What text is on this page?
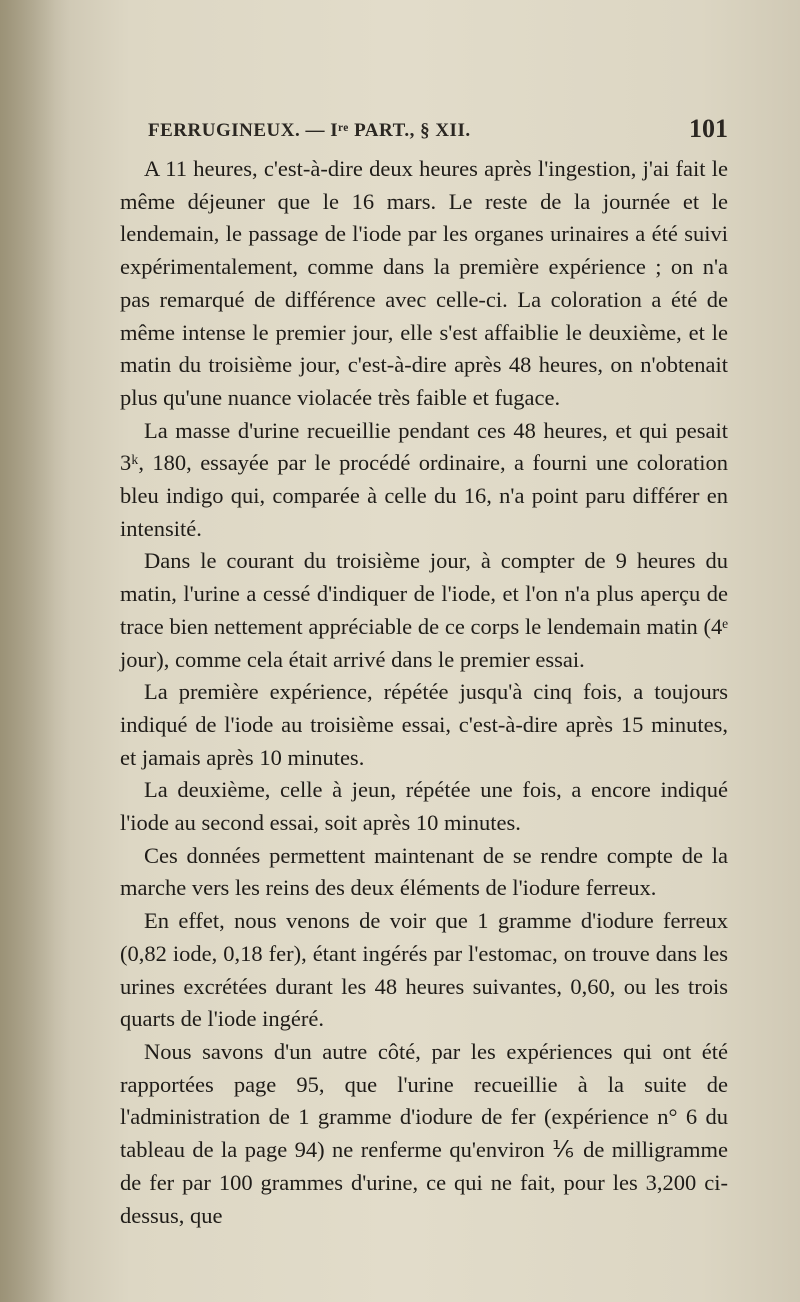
FERRUGINEUX. — Iʳᵉ PART., § XII.	101

A 11 heures, c'est-à-dire deux heures après l'ingestion, j'ai fait le même déjeuner que le 16 mars. Le reste de la journée et le lendemain, le passage de l'iode par les organes urinaires a été suivi expérimentalement, comme dans la première expérience ; on n'a pas remarqué de différence avec celle-ci. La coloration a été de même intense le premier jour, elle s'est affaiblie le deuxième, et le matin du troisième jour, c'est-à-dire après 48 heures, on n'obtenait plus qu'une nuance violacée très faible et fugace.

La masse d'urine recueillie pendant ces 48 heures, et qui pesait 3ᵏ, 180, essayée par le procédé ordinaire, a fourni une coloration bleu indigo qui, comparée à celle du 16, n'a point paru différer en intensité.

Dans le courant du troisième jour, à compter de 9 heures du matin, l'urine a cessé d'indiquer de l'iode, et l'on n'a plus aperçu de trace bien nettement appréciable de ce corps le lendemain matin (4ᵉ jour), comme cela était arrivé dans le premier essai.

La première expérience, répétée jusqu'à cinq fois, a toujours indiqué de l'iode au troisième essai, c'est-à-dire après 15 minutes, et jamais après 10 minutes.

La deuxième, celle à jeun, répétée une fois, a encore indiqué l'iode au second essai, soit après 10 minutes.

Ces données permettent maintenant de se rendre compte de la marche vers les reins des deux éléments de l'iodure ferreux.

En effet, nous venons de voir que 1 gramme d'iodure ferreux (0,82 iode, 0,18 fer), étant ingérés par l'estomac, on trouve dans les urines excrétées durant les 48 heures suivantes, 0,60, ou les trois quarts de l'iode ingéré.

Nous savons d'un autre côté, par les expériences qui ont été rapportées page 95, que l'urine recueillie à la suite de l'administration de 1 gramme d'iodure de fer (expérience n° 6 du tableau de la page 94) ne renferme qu'environ ⅙ de milligramme de fer par 100 grammes d'urine, ce qui ne fait, pour les 3,200 ci-dessus, que
